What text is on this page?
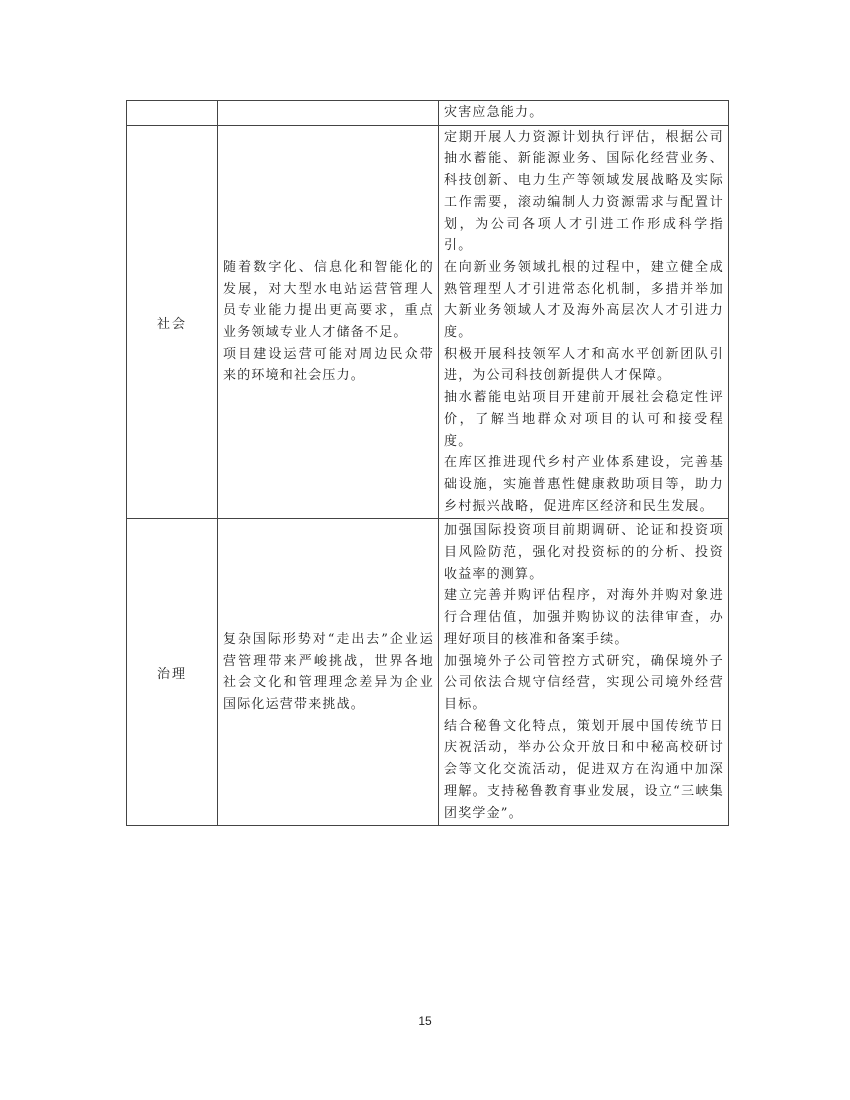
		灾害应急能力。

社会	随着数字化、信息化和智能化的发展，对大型水电站运营管理人员专业能力提出更高要求，重点业务领域专业人才储备不足。
项目建设运营可能对周边民众带来的环境和社会压力。	定期开展人力资源计划执行评估，根据公司抽水蓄能、新能源业务、国际化经营业务、科技创新、电力生产等领域发展战略及实际工作需要，滚动编制人力资源需求与配置计划，为公司各项人才引进工作形成科学指引。
在向新业务领域扎根的过程中，建立健全成熟管理型人才引进常态化机制，多措并举加大新业务领域人才及海外高层次人才引进力度。
积极开展科技领军人才和高水平创新团队引进，为公司科技创新提供人才保障。
抽水蓄能电站项目开建前开展社会稳定性评价，了解当地群众对项目的认可和接受程度。
在库区推进现代乡村产业体系建设，完善基础设施，实施普惠性健康救助项目等，助力乡村振兴战略，促进库区经济和民生发展。

治理	复杂国际形势对“走出去”企业运营管理带来严峻挑战，世界各地社会文化和管理理念差异为企业国际化运营带来挑战。	加强国际投资项目前期调研、论证和投资项目风险防范，强化对投资标的的分析、投资收益率的测算。
建立完善并购评估程序，对海外并购对象进行合理估值，加强并购协议的法律审查，办理好项目的核准和备案手续。
加强境外子公司管控方式研究，确保境外子公司依法合规守信经营，实现公司境外经营目标。
结合秘鲁文化特点，策划开展中国传统节日庆祝活动，举办公众开放日和中秘高校研讨会等文化交流活动，促进双方在沟通中加深理解。支持秘鲁教育事业发展，设立“三峡集团奖学金”。
15
